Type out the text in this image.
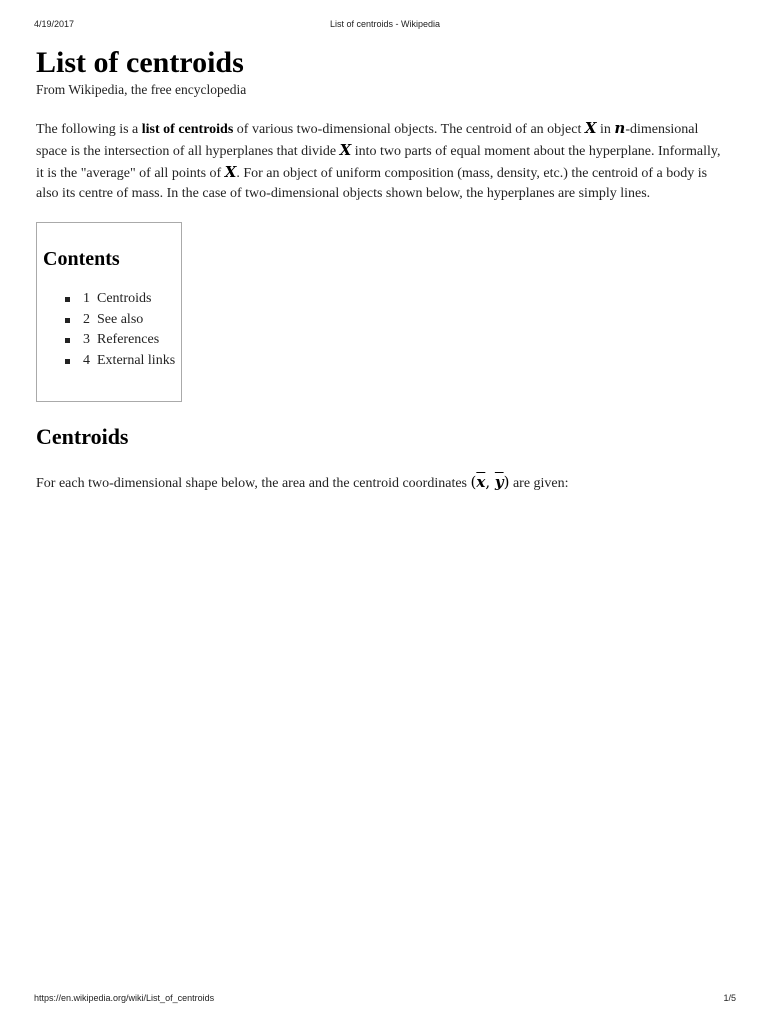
4/19/2017	List of centroids - Wikipedia
List of centroids
From Wikipedia, the free encyclopedia

The following is a list of centroids of various two-dimensional objects. The centroid of an object X in n-dimensional space is the intersection of all hyperplanes that divide X into two parts of equal moment about the hyperplane. Informally, it is the "average" of all points of X. For an object of uniform composition (mass, density, etc.) the centroid of a body is also its centre of mass. In the case of two-dimensional objects shown below, the hyperplanes are simply lines.

Contents
1 Centroids
2 See also
3 References
4 External links
Centroids

For each two-dimensional shape below, the area and the centroid coordinates ($\overline{x}$, $\overline{y}$) are given:

https://en.wikipedia.org/wiki/List_of_centroids	1/5
